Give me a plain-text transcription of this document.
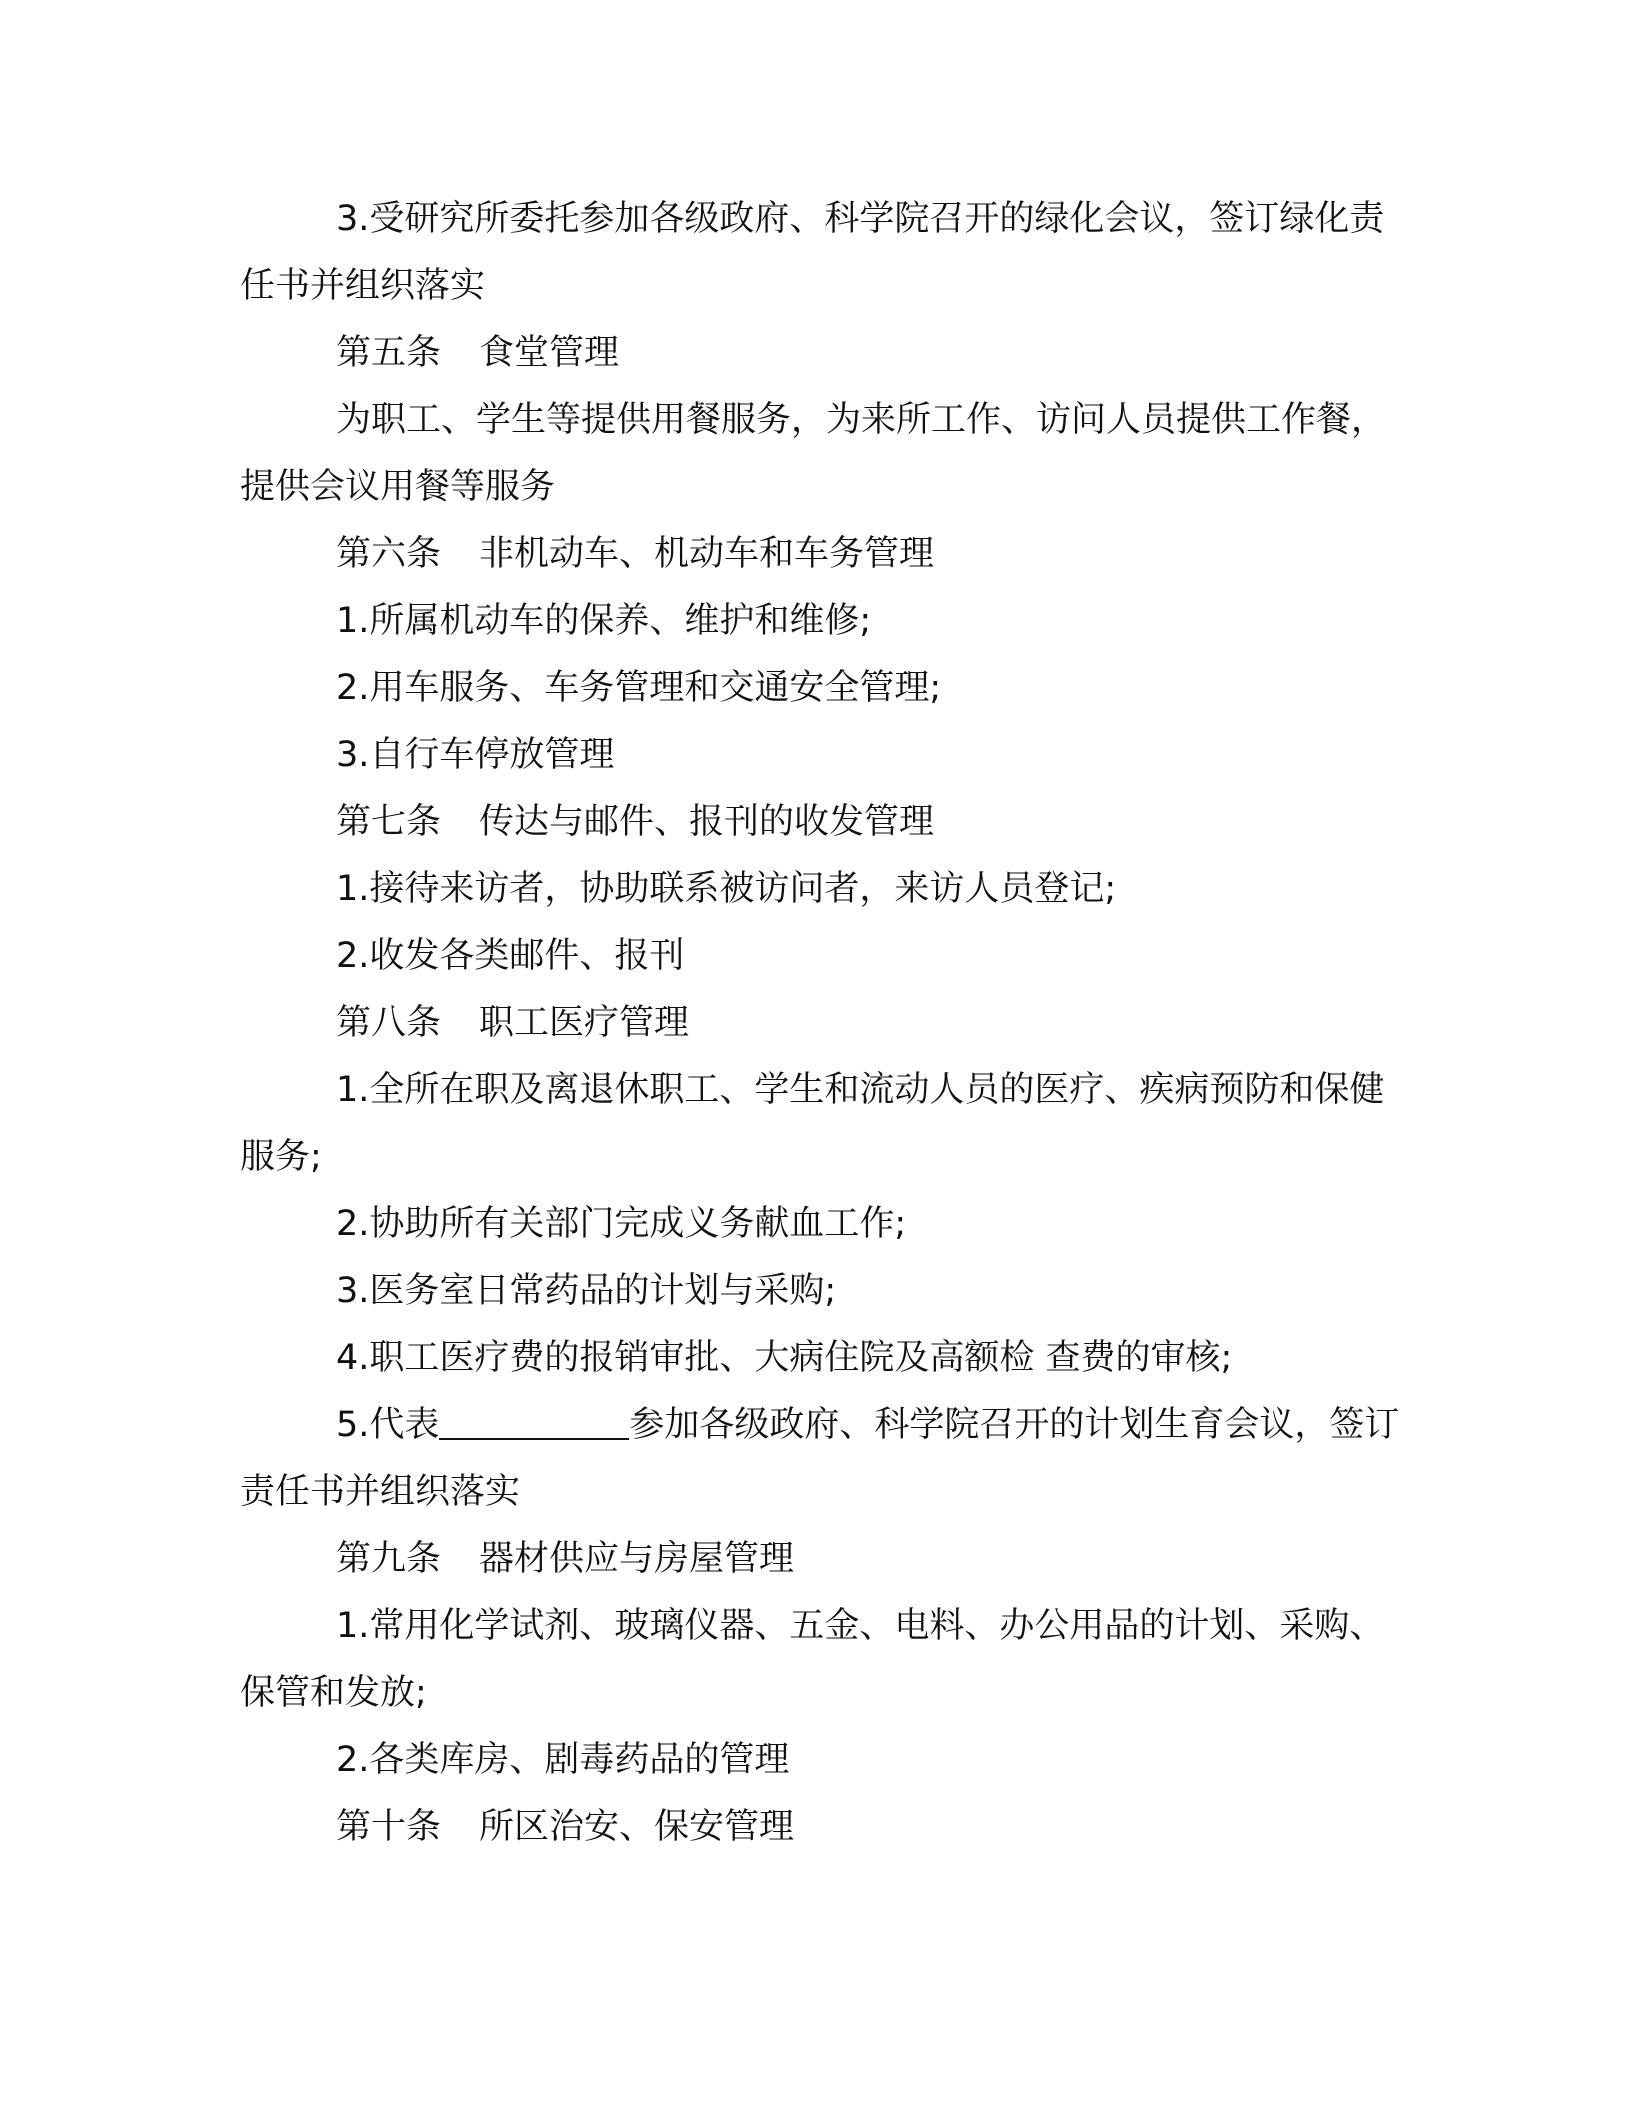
3.受研究所委托参加各级政府、科学院召开的绿化会议，签订绿化责任书并组织落实

第五条 食堂管理

为职工、学生等提供用餐服务，为来所工作、访问人员提供工作餐，提供会议用餐等服务

第六条 非机动车、机动车和车务管理

1.所属机动车的保养、维护和维修;

2.用车服务、车务管理和交通安全管理;

3.自行车停放管理

第七条 传达与邮件、报刊的收发管理

1.接待来访者，协助联系被访问者，来访人员登记;

2.收发各类邮件、报刊

第八条 职工医疗管理

1.全所在职及离退休职工、学生和流动人员的医疗、疾病预防和保健服务;

2.协助所有关部门完成义务献血工作;

3.医务室日常药品的计划与采购;

4.职工医疗费的报销审批、大病住院及高额检 查费的审核;

5.代表	参加各级政府、科学院召开的计划生育会议，签订责任书并组织落实

第九条 器材供应与房屋管理

1.常用化学试剂、玻璃仪器、五金、电料、办公用品的计划、采购、保管和发放;

2.各类库房、剧毒药品的管理

第十条 所区治安、保安管理
